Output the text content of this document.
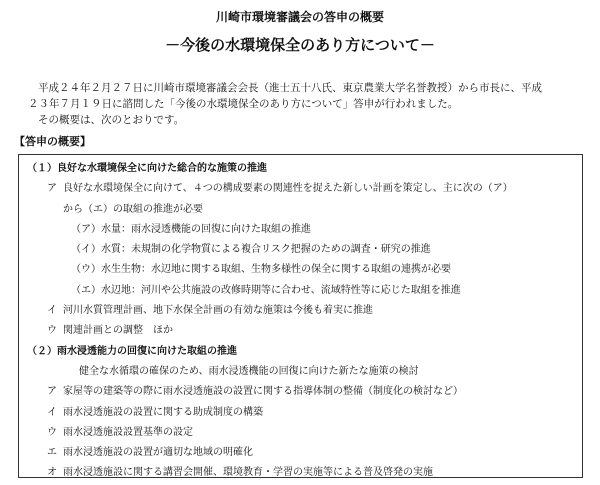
川崎市環境審議会の答申の概要
－今後の水環境保全のあり方について－

平成２４年２月２７日に川崎市環境審議会会長（進士五十八氏、東京農業大学名誉教授）から市長に、平成

２３年７月１９日に諮問した「今後の水環境保全のあり方について」答申が行われました。

その概要は、次のとおりです。

【答申の概要】
（１）良好な水環境保全に向けた総合的な施策の推進
ア 良好な水環境保全に向けて、４つの構成要素の関連性を捉えた新しい計画を策定し、主に次の（ア）
から（エ）の取組の推進が必要
（ア）水量：雨水浸透機能の回復に向けた取組の推進
（イ）水質：未規制の化学物質による複合リスク把握のための調査・研究の推進
（ウ）水生生物：水辺地に関する取組、生物多様性の保全に関する取組の連携が必要
（エ）水辺地：河川や公共施設の改修時期等に合わせ、流域特性等に応じた取組を推進
イ 河川水質管理計画、地下水保全計画の有効な施策は今後も着実に推進
ウ 関連計画との調整　ほか
（２）雨水浸透能力の回復に向けた取組の推進
健全な水循環の確保のため、雨水浸透機能の回復に向けた新たな施策の検討
ア 家屋等の建築等の際に雨水浸透施設の設置に関する指導体制の整備（制度化の検討など）
イ 雨水浸透施設の設置に関する助成制度の構築
ウ 雨水浸透施設設置基準の設定
エ 雨水浸透施設の設置が適切な地域の明確化
オ 雨水浸透施設に関する講習会開催、環境教育・学習の実施等による普及啓発の実施
